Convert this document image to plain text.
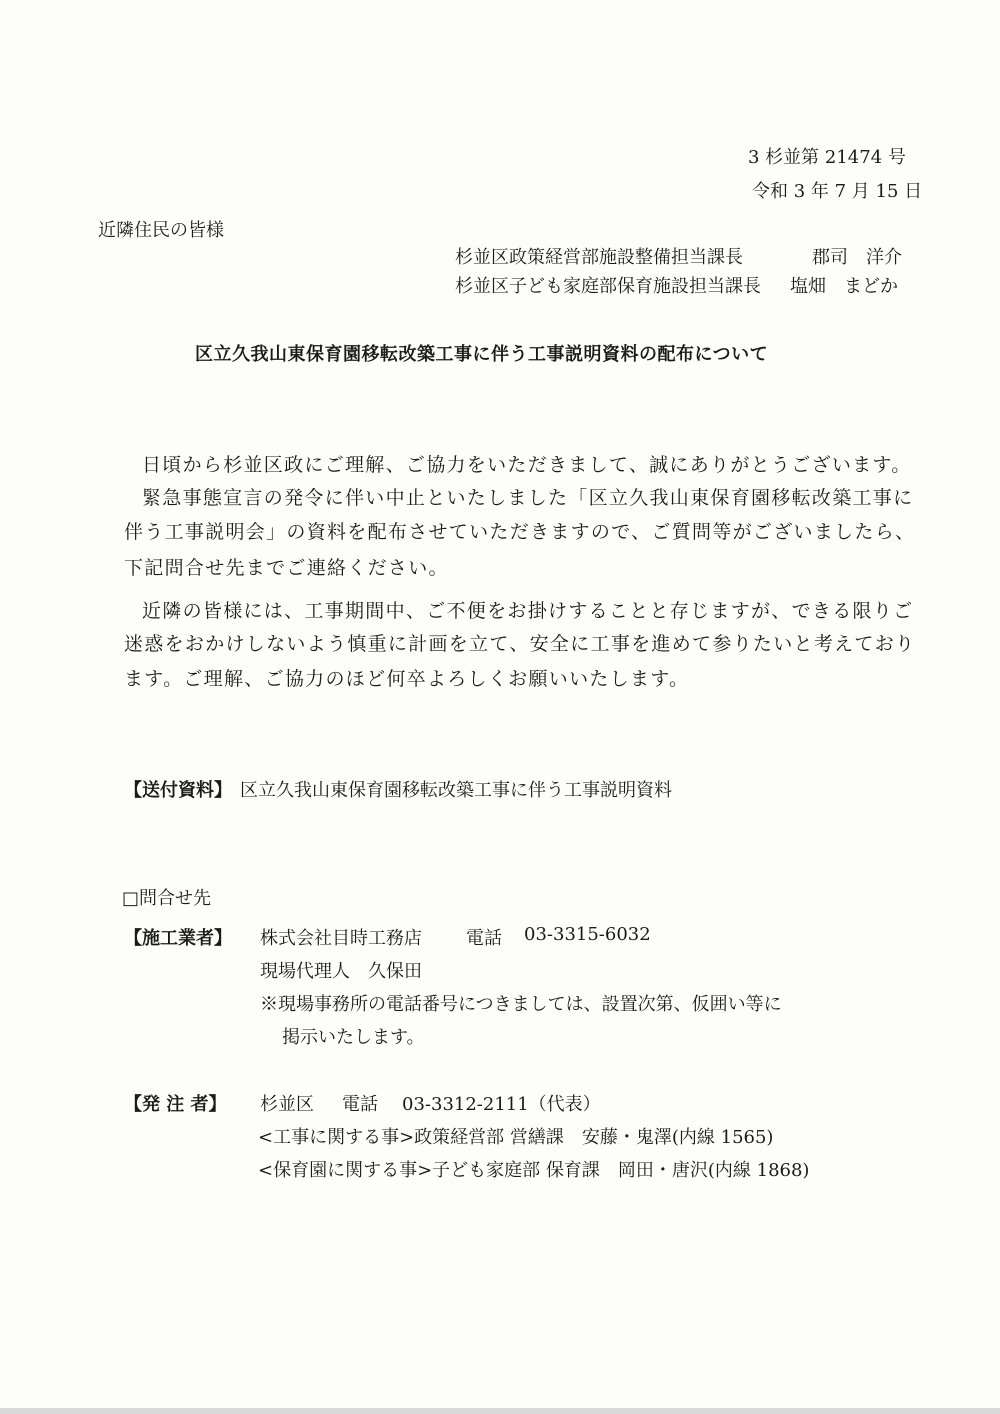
3 杉並第 21474 号
令和 3 年 7 月 15 日
近隣住民の皆様
杉並区政策経営部施設整備担当課長	郡司　洋介
杉並区子ども家庭部保育施設担当課長 塩畑　まどか
区立久我山東保育園移転改築工事に伴う工事説明資料の配布について
日頃から杉並区政にご理解、ご協力をいただきまして、誠にありがとうございます。
緊急事態宣言の発令に伴い中止といたしました「区立久我山東保育園移転改築工事に
伴う工事説明会」の資料を配布させていただきますので、ご質問等がございましたら、
下記問合せ先までご連絡ください。
近隣の皆様には、工事期間中、ご不便をお掛けすることと存じますが、できる限りご
迷惑をおかけしないよう慎重に計画を立て、安全に工事を進めて参りたいと考えており
ます。ご理解、ご協力のほど何卒よろしくお願いいたします。
【送付資料】 区立久我山東保育園移転改築工事に伴う工事説明資料
□問合せ先
【施工業者】 株式会社目時工務店 電話 03-3315-6032
現場代理人　久保田
※現場事務所の電話番号につきましては、設置次第、仮囲い等に
掲示いたします。
【発 注 者】 杉並区 電話 03-3312-2111（代表）
<工事に関する事>政策経営部 営繕課　安藤・鬼澤(内線 1565)
<保育園に関する事>子ども家庭部 保育課　岡田・唐沢(内線 1868)
